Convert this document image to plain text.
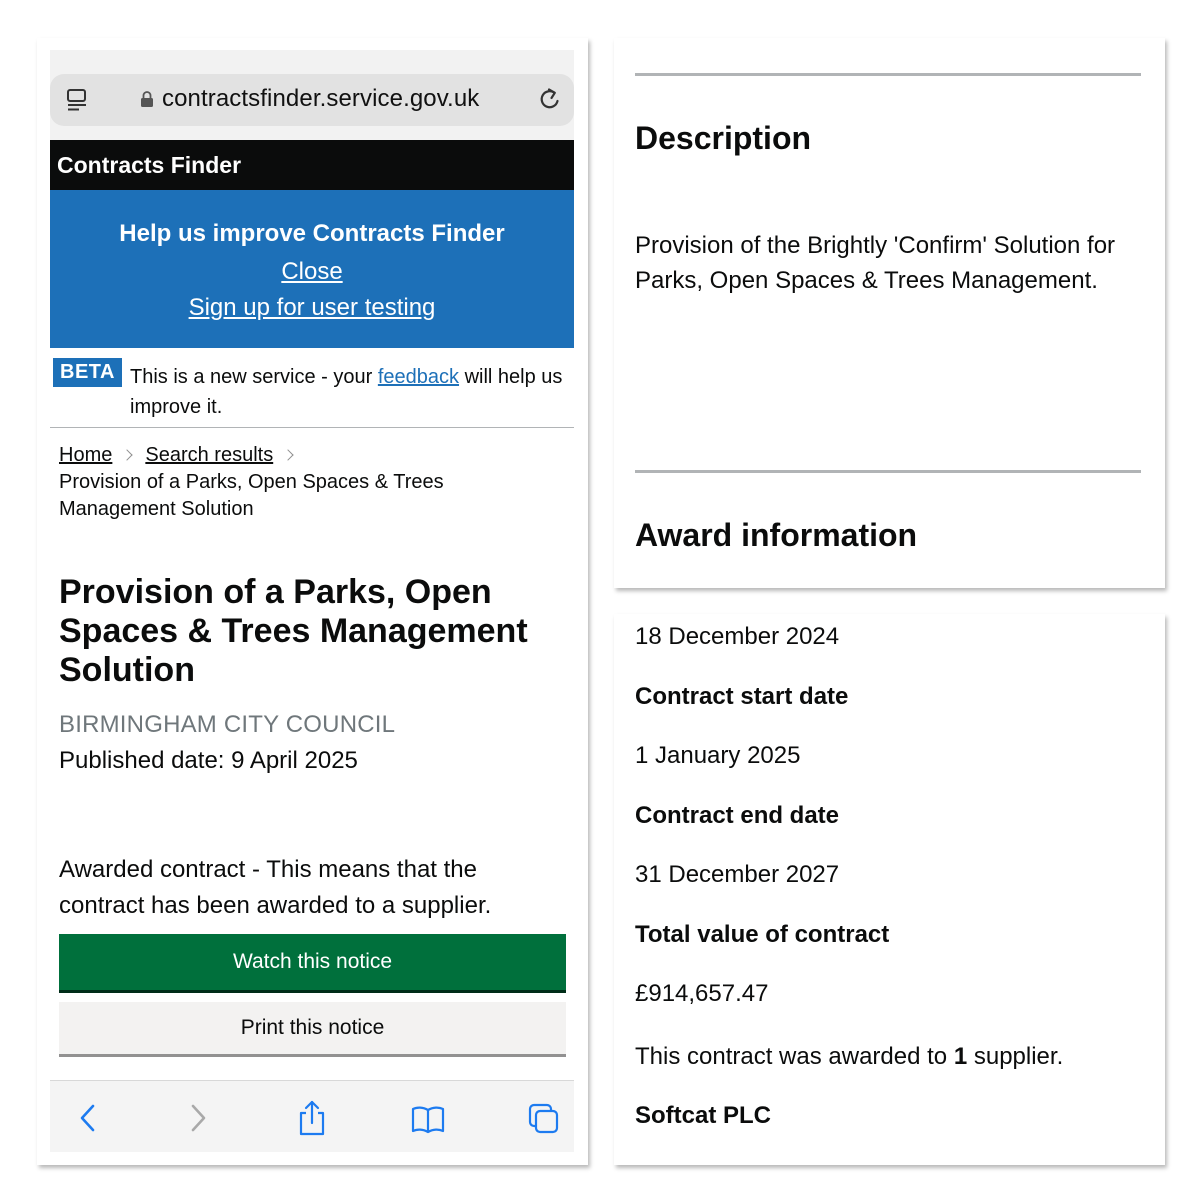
contractsfinder.service.gov.uk
Contracts Finder
Help us improve Contracts Finder
Close
Sign up for user testing
BETA This is a new service - your feedback will help us improve it.
Home Search results
Provision of a Parks, Open Spaces & Trees Management Solution
Provision of a Parks, Open Spaces & Trees Management Solution
BIRMINGHAM CITY COUNCIL
Published date: 9 April 2025
Awarded contract - This means that the contract has been awarded to a supplier.
Watch this notice
Print this notice
Description
Provision of the Brightly 'Confirm' Solution for Parks, Open Spaces & Trees Management.
Award information
18 December 2024
Contract start date
1 January 2025
Contract end date
31 December 2027
Total value of contract
£914,657.47
This contract was awarded to 1 supplier.
Softcat PLC
